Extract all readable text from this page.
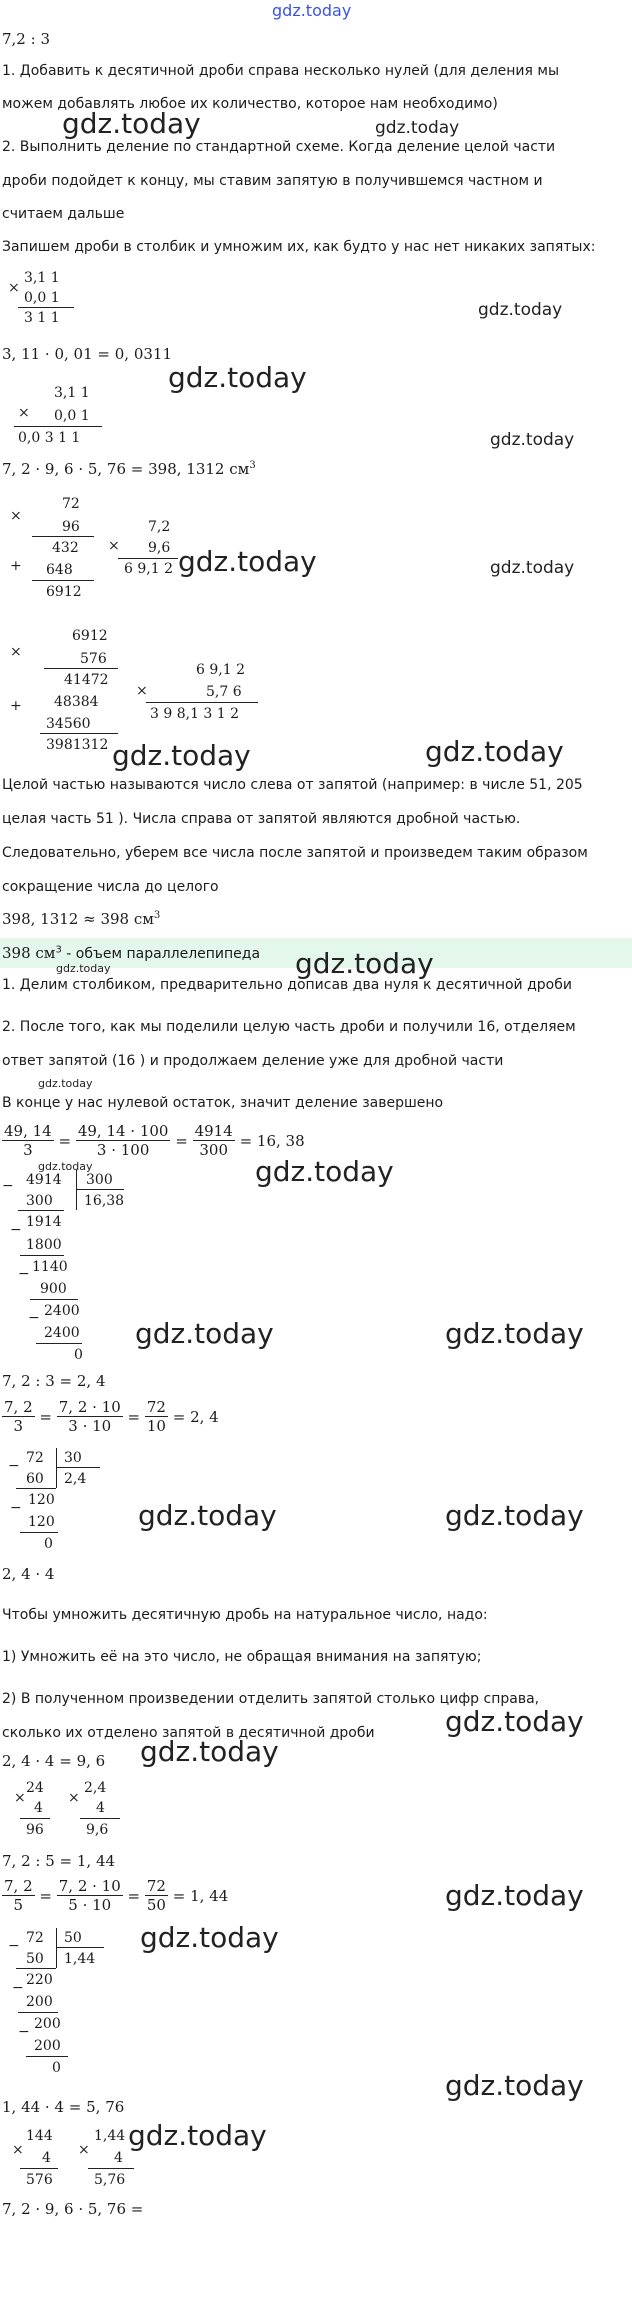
gdz.today
7,2 : 3
1. Добавить к десятичной дроби справа несколько нулей (для деления мы
можем добавлять любое их количество, которое нам необходимо)
gdz.today	gdz.today
2. Выполнить деление по стандартной схеме. Когда деление целой части
дроби подойдет к концу, мы ставим запятую в получившемся частном и
считаем дальше
Запишем дроби в столбик и умножим их, как будто у нас нет никаких запятых:
×
3,1 1
0,0 1
3 1 1	gdz.today
3, 11 · 0, 01 = 0, 0311
gdz.today
×
3,1 1
0,0 1
0,0 3 1 1	gdz.today
7, 2 · 9, 6 · 5, 76 = 398, 1312 $см^3$
72
×
96
432
+ 648
6912
×
7,2
9,6
6 9,1 2 gdz.today	gdz.today
6912
×	576
41472
+ 48384
34560
3981312
×
6 9,1 2
5,7 6
3 9 8,1 3 1 2
gdz.today	gdz.today
Целой частью называются число слева от запятой (например: в числе 51, 205
целая часть 51 ). Числа справа от запятой являются дробной частью.
Следовательно, уберем все числа после запятой и произведем таким образом
сокращение числа до целого
398, 1312 ≈ 398 $см^3$
398 $см^3$ - объем параллелепипеда gdz.today
gdz.today
1. Делим столбиком, предварительно дописав два нуля к десятичной дроби
2. После того, как мы поделили целую часть дроби и получили 16, отделяем
ответ запятой (16 ) и продолжаем деление уже для дробной части
gdz.today
В конце у нас нулевой остаток, значит деление завершено
$\frac{49, 14}{3} = \frac{49, 14 \cdot 100}{3 \cdot 100} = \frac{4914}{300}$
= 16, 38
gdz.today	gdz.today
− 4914 300
16,38
300
− 1914
1800
− 1140
900
− 2400
2400
0
gdz.today	gdz.today
7, 2 : 3 = 2, 4
$\frac{7, 2}{3} = \frac{7, 2 \cdot 10}{3 \cdot 10} = \frac{72}{10}$
= 2, 4
− 72 30
2,4
60
− 120
120
0
gdz.today	gdz.today
2, 4 · 4
Чтобы умножить десятичную дробь на натуральное число, надо:
1) Умножить её на это число, не обращая внимания на запятую;
2) В полученном произведении отделить запятой столько цифр справа,
сколько их отделено запятой в десятичной дроби	gdz.today
2, 4 · 4 = 9, 6 gdz.today
×
24
4
96
×
2,4
4
9,6
7, 2 : 5 = 1, 44
$\frac{7, 2}{5} = \frac{7, 2 \cdot 10}{5 \cdot 10} = \frac{72}{50}$
= 1, 44	gdz.today
gdz.today
− 72 50
1,44
50
− 220
200
− 200
200
0
gdz.today
1, 44 · 4 = 5, 76
gdz.today
×
144
4
576
×
1,44
4
5,76
7, 2 · 9, 6 · 5, 76 =
